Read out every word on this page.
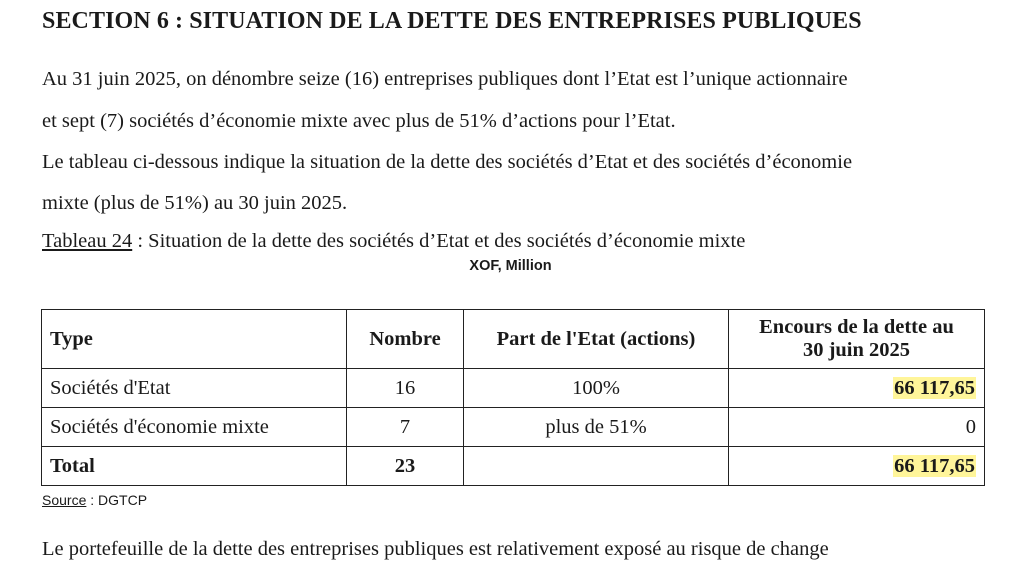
SECTION 6 : SITUATION DE LA DETTE DES ENTREPRISES PUBLIQUES
Au 31 juin 2025, on dénombre seize (16) entreprises publiques dont l’Etat est l’unique actionnaire
et sept (7) sociétés d’économie mixte avec plus de 51% d’actions pour l’Etat.
Le tableau ci-dessous indique la situation de la dette des sociétés d’Etat et des sociétés d’économie
mixte (plus de 51%) au 30 juin 2025.
Tableau 24 : Situation de la dette des sociétés d’Etat et des sociétés d’économie mixte
XOF, Million
Type	Nombre	Part de l'Etat (actions)	Encours de la dette au
30 juin 2025
Sociétés d'Etat	16	100%	66 117,65
Sociétés d'économie mixte	7	plus de 51%	0
Total	23		66 117,65
Source : DGTCP
Le portefeuille de la dette des entreprises publiques est relativement exposé au risque de change
